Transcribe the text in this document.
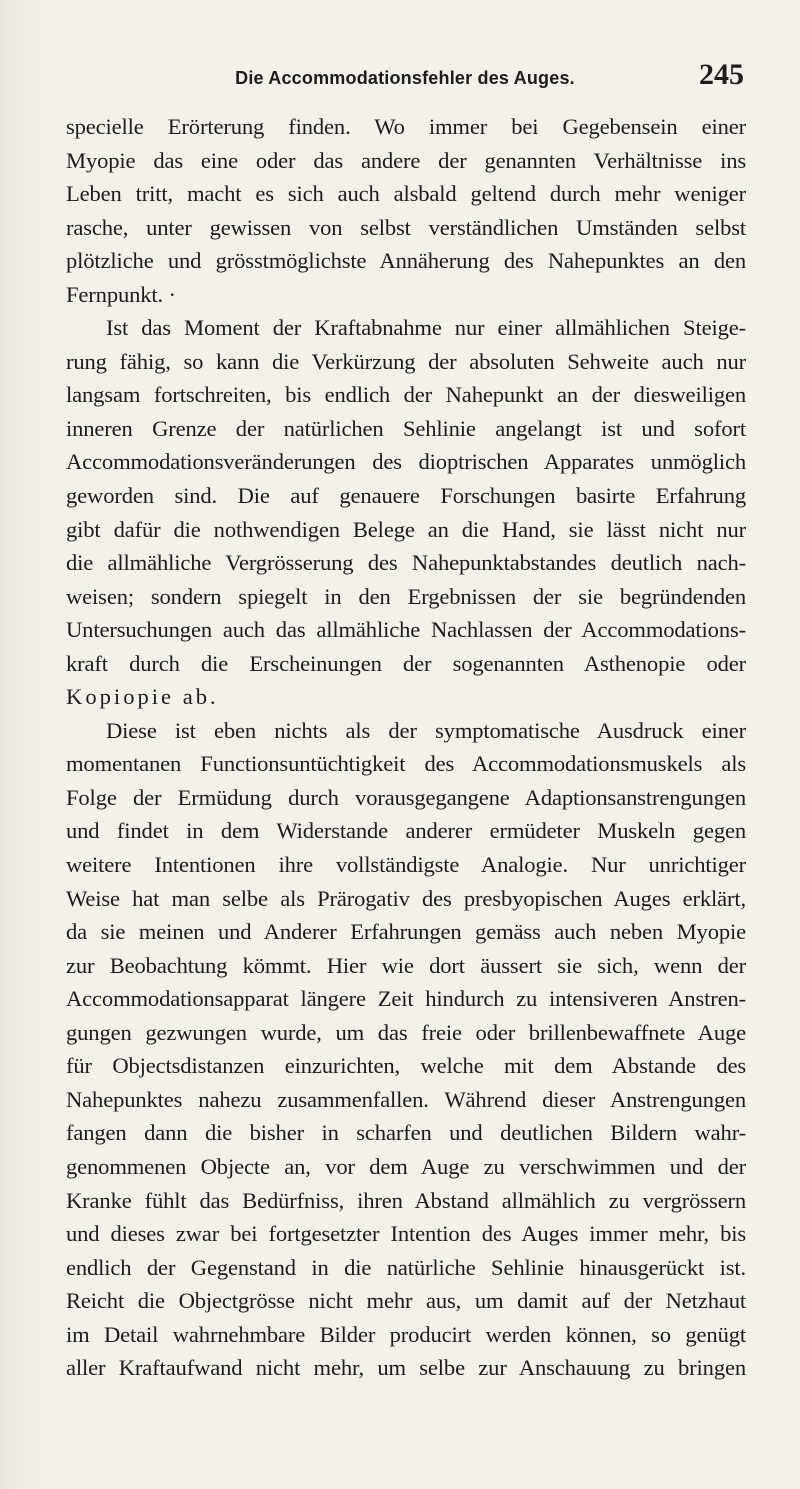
Die Accommodationsfehler des Auges.	245
specielle Erörterung finden. Wo immer bei Gegebensein einer
Myopie das eine oder das andere der genannten Verhältnisse ins
Leben tritt, macht es sich auch alsbald geltend durch mehr weniger
rasche, unter gewissen von selbst verständlichen Umständen selbst
plötzliche und grösstmöglichste Annäherung des Nahepunktes an den
Fernpunkt. ·
Ist das Moment der Kraftabnahme nur einer allmählichen Steige-
rung fähig, so kann die Verkürzung der absoluten Sehweite auch nur
langsam fortschreiten, bis endlich der Nahepunkt an der diesweiligen
inneren Grenze der natürlichen Sehlinie angelangt ist und sofort
Accommodationsveränderungen des dioptrischen Apparates unmöglich
geworden sind. Die auf genauere Forschungen basirte Erfahrung
gibt dafür die nothwendigen Belege an die Hand, sie lässt nicht nur
die allmähliche Vergrösserung des Nahepunktabstandes deutlich nach-
weisen; sondern spiegelt in den Ergebnissen der sie begründenden
Untersuchungen auch das allmähliche Nachlassen der Accommodations-
kraft durch die Erscheinungen der sogenannten Asthenopie oder
Kopiopie ab.
Diese ist eben nichts als der symptomatische Ausdruck einer
momentanen Functionsuntüchtigkeit des Accommodationsmuskels als
Folge der Ermüdung durch vorausgegangene Adaptionsanstrengungen
und findet in dem Widerstande anderer ermüdeter Muskeln gegen
weitere Intentionen ihre vollständigste Analogie. Nur unrichtiger
Weise hat man selbe als Prärogativ des presbyopischen Auges erklärt,
da sie meinen und Anderer Erfahrungen gemäss auch neben Myopie
zur Beobachtung kömmt. Hier wie dort äussert sie sich, wenn der
Accommodationsapparat längere Zeit hindurch zu intensiveren Anstren-
gungen gezwungen wurde, um das freie oder brillenbewaffnete Auge
für Objectsdistanzen einzurichten, welche mit dem Abstande des
Nahepunktes nahezu zusammenfallen. Während dieser Anstrengungen
fangen dann die bisher in scharfen und deutlichen Bildern wahr-
genommenen Objecte an, vor dem Auge zu verschwimmen und der
Kranke fühlt das Bedürfniss, ihren Abstand allmählich zu vergrössern
und dieses zwar bei fortgesetzter Intention des Auges immer mehr, bis
endlich der Gegenstand in die natürliche Sehlinie hinausgerückt ist.
Reicht die Objectgrösse nicht mehr aus, um damit auf der Netzhaut
im Detail wahrnehmbare Bilder producirt werden können, so genügt
aller Kraftaufwand nicht mehr, um selbe zur Anschauung zu bringen
